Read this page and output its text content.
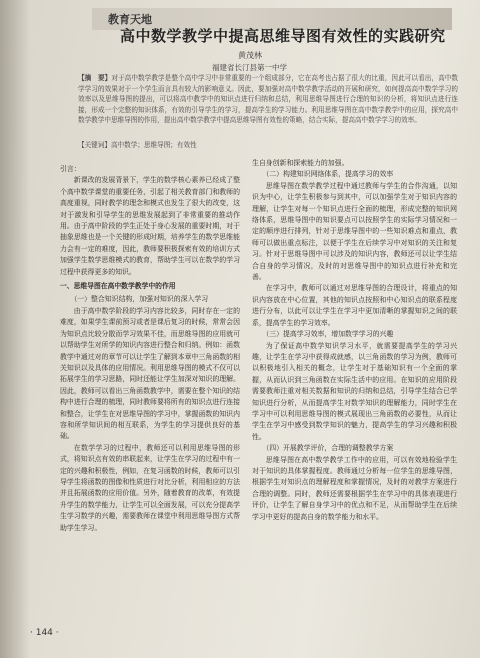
教育天地
高中数学教学中提高思维导图有效性的实践研究
黄茂林
福建省长汀县第一中学
【摘　要】对于高中数学教学是整个高中学习中非常重要的一个组成部分，它在高考也占据了很大的比重，因此可以看出，高中数学学习的效果对于一个学生而言具有较大的影响意义。因此，要加强对高中数学教学活动的开展和研究，如何提高高中数学学习的效率以及思维导图的提出，可以将高中教学中的知识点进行归纳和总结，利用思维导图进行合理的知识的分析，将知识点进行连接，形成一个完整的知识体系，有效的引导学生的学习，提高学生的学习能力。利用思维导图在高中数学教学中的应用，探究高中数学教学中思维导图的作用，提出高中数学教学中提高思维导图有效性的策略，结合实际，提高高中数学学习的效率。
【关键词】高中数学；思维导图；有效性

引言：

新课改的发展背景下，学生的数学核心素养已经成了整个高中数学课堂的重要任务，引起了相关教育部门和教师的高度重视，同时教学的理念和模式也发生了很大的改变，这对于激发和引导学生的思维发展起到了非常重要的推动作用。由于高中阶段的学生正处于身心发展的重要时期，对于抽象思维也是一个关键的形成时期，培养学生的数学思维能力会有一定的难度，因此，教师要积极探索有效的培训方式加强学生数学思维模式的教育，帮助学生可以在数学的学习过程中获得更多的知识。

一、思维导图在高中数学教学中的作用

（一）整合知识结构，加强对知识的深入学习

由于高中数学阶段的学习内容比较多，同时存在一定的难度，如果学生课前预习或者是课后复习的时候，常常会因为知识点比较分散而学习效果不佳，而思维导图的应用就可以帮助学生对所学的知识内容进行整合和归纳。例如：函数教学中通过对的章节可以让学生了解到本章中三角函数的相关知识以及具体的应用情况。利用思维导图的模式不仅可以拓展学生的学习思路，同时还能让学生加深对知识的理解。因此，教师可以看出三角函数教学中，需要在整个知识的结构中进行合理的梳理，同时教师要将所有的知识点进行连接和整合，让学生在对思维导图的学习中，掌握函数的知识内容和所学知识间的相互联系，为学生的学习提供良好的基础。

在数学学习的过程中，教师还可以利用思维导图的形式，将知识点有效的串联起来，让学生在学习的过程中有一定的兴趣和积极性，例如，在复习函数的时候，教师可以引导学生将函数的图像和性质进行对比分析，利用相应的方法并且拓展函数的应用价值。另外，随着教育的改革，有效提升学生的数学能力，让学生可以全面发展，可以充分提高学生学习数学的兴趣，需要教师在课堂中利用思维导图方式帮助学生学习。

生自身创新和探索能力的加强。

（二）构建知识网络体系，提高学习的效率

思维导图在数学教学过程中通过教师与学生的合作沟通，以知识为中心，让学生积极参与到其中，可以加强学生对于知识内容的理解，让学生对每一个知识点进行全面的梳理，形成完整的知识网络体系，思维导图中的知识要点可以按照学生的实际学习情况和一定的顺序进行排列，针对于思维导图中的一些知识难点和重点，教师可以做出重点标注，以便于学生在后续学习中对知识的关注和复习。针对于思维导图中可以涉及的知识内容，教师还可以让学生结合自身的学习情况，及时的对思维导图中的知识点进行补充和完善。

在学习中，教师可以通过对思维导图的合理设计，将重点的知识内容放在中心位置，其他的知识点按照和中心知识点的联系程度进行分布，以此可以让学生在学习中更加清晰的掌握知识之间的联系，提高学生的学习效率。

（三）提高学习效率，增加数学学习的兴趣

为了保证高中数学知识学习水平，就需要提高学生的学习兴趣，让学生在学习中获得成就感，以三角函数的学习为例，教师可以积极地引入相关的概念，让学生对于基础知识有一个全面的掌握，从而认识到三角函数在实际生活中的应用。在知识的应用阶段需要教师注重对相关数据和知识的归纳和总结，引导学生结合已学知识进行分析，从而提高学生对数学知识的理解能力，同时学生在学习中可以利用思维导图的模式展现出三角函数的必要性，从而让学生在学习中感受到数学知识的魅力，提高学生的学习兴趣和积极性。

（四）开展教学评价，合理的调整教学方案

思维导图在高中数学教学工作中的应用，可以有效地检验学生对于知识的具体掌握程度。教师通过分析每一位学生的思维导图，根据学生对知识点的理解程度和掌握情况，及时的对教学方案进行合理的调整。同时，教师还需要根据学生在学习中的具体表现进行评价，让学生了解自身学习中的优点和不足，从而帮助学生在后续学习中更好的提高自身的数学能力和水平。

· 144 ·
